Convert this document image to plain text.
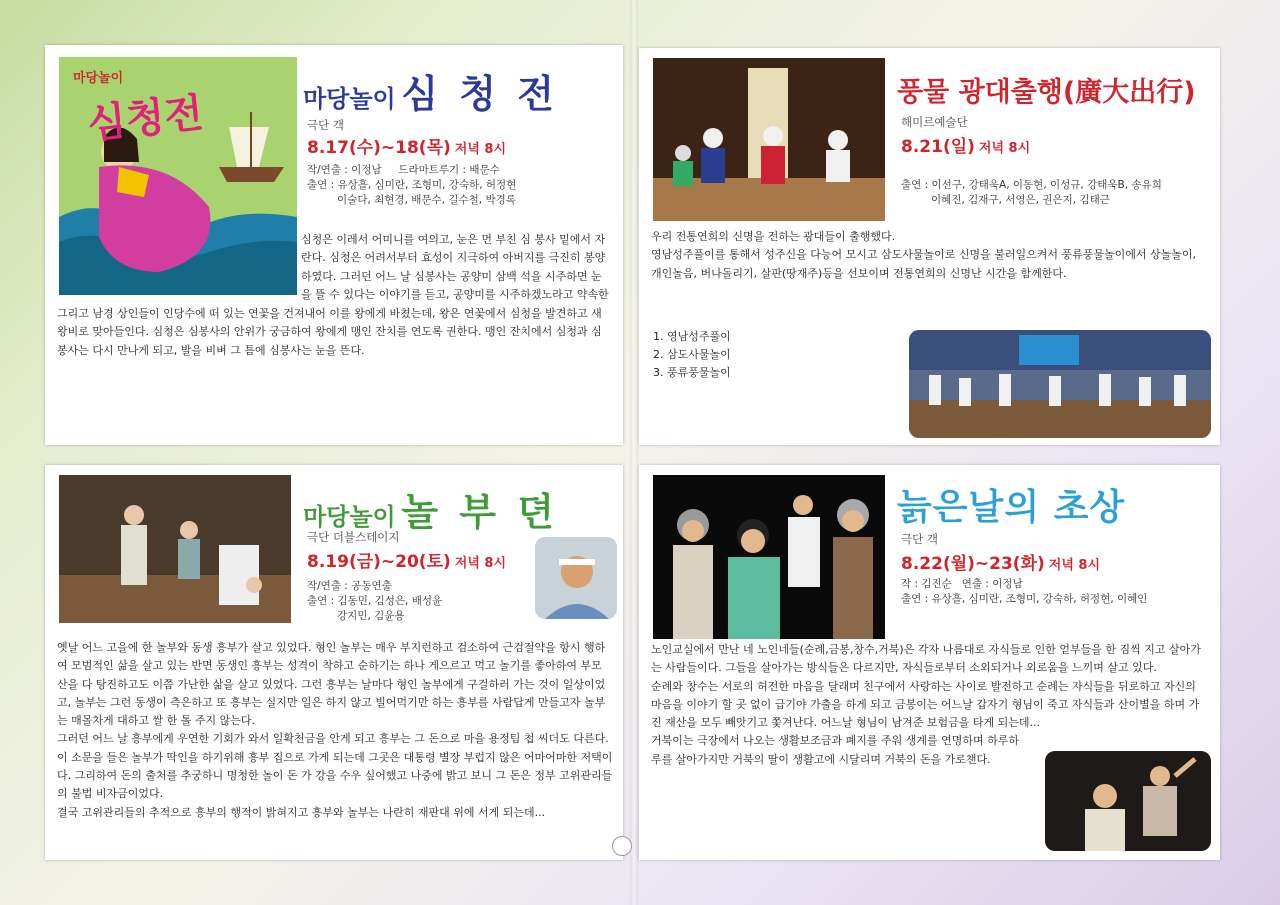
마당놀이
심청전	마당놀이 심 청 전
극단 객
8.17(수)~18(목) 저녁 8시
작/연출 : 이정남     드라마트루기 : 배문수
출연 : 유상흘, 심미란, 조형미, 강숙하, 허정현
이술다, 최현경, 배문수, 길수철, 박경록

심청은 이레서 어미니를 여의고, 눈은 먼 부친 심 봉사 밑에서 자란다. 심청은 어려서부터 효성이 지극하여 아버지를 극진히 봉양하였다. 그러던 어느 날 심봉사는 공양미 삼백 석을 시주하면 눈을 뜰 수 있다는 이야기를 듣고, 공양미를 시주하겠노라고 약속한

그리고 남경 상인들이 인당수에 떠 있는 연꽃을 건져내어 이를 왕에게 바쳤는데, 왕은 연꽃에서 심청을 발견하고 새 왕비로 맞아들인다. 심청은 심봉사의 안위가 궁금하여 왕에게 맹인 잔치를 연도록 권한다. 맹인 잔치에서 심청과 심봉사는 다시 만나게 되고, 발을 비벼 그 틈에 심봉사는 눈을 뜬다.

풍물 광대출행(廣大出行)
해미르예술단
8.21(일) 저녁 8시
출연 : 이선구, 강태욱A, 이동현, 이성규, 강태욱B, 송유희
이혜진, 김재구, 서영은, 권은지, 김태근

우리 전통연희의 신명을 전하는 광대들이 출행했다.

영남성주풀이를 통해서 성주신을 다능어 모시고 삼도사물놀이로 신명을 불러일으켜서 풍류풍물놀이에서 상놀놀이, 개인놀음, 버나돌리기, 살판(땅재주)등을 선보이며 전통연희의 신명난 시간을 함께한다.

1. 영남성주풀이
2. 삼도사물놀이
3. 풍류풍물놀이
마당놀이 놀 부 뎐
극단 더블스테이지
8.19(금)~20(토) 저녁 8시
작/연출 : 공동연출
출연 : 김동민, 김성은, 배성윤
강지민, 김윤용

옛날 어느 고을에 한 놀부와 동생 흥부가 살고 있었다. 형인 놀부는 매우 부지런하고 검소하여 근검절약을 항시 행하여 모범적인 삶을 살고 있는 반면 동생인 흥부는 성격이 착하고 순하기는 하나 게으르고 먹고 놀기를 좋아하여 부모 산을 다 탕진하고도 이쯤 가난한 삶을 살고 있었다. 그런 흥부는 날마다 형인 놀부에게 구걸하러 가는 것이 일상이었고, 놀부는 그런 동생이 측은하고 또 흥부는 실지만 일은 하지 않고 빌어먹기만 하는 흥부를 사람답게 만들고자 놀부는 매몰차게 대하고 쌀 한 톨 주지 않는다.

그러던 어느 날 흥부에게 우연한 기회가 와서 일확천금을 안게 되고 흥부는 그 돈으로 마을 용정팀 첩 씨더도 다른다. 이 소문을 들은 놀부가 딱인을 하기위해 흥부 집으로 가게 되는데 그곳은 대통령 별장 부럽지 않은 어마어마한 저택이다. 그리하여 돈의 출처를 추궁하니 명청한 놀이 돈 가 강을 수우 싶어했고 나중에 밝고 보니 그 돈은 정부 고위관리들의 불법 비자금이었다.

결국 고위관리들의 추적으로 흥부의 행적이 밝혀지고 흥부와 놀부는 나란히 재판대 위에 서게 되는데...

늙은날의 초상
극단 객
8.22(월)~23(화) 저녁 8시
작 : 김진순   연출 : 이정남
출연 : 유상흘, 심미란, 조형미, 강숙하, 허정현, 이혜인

노인교실에서 만난 네 노인네들(순례,금봉,창수,거북)은 각자 나름대로 자식들로 인한 얻부들을 한 짐씩 지고 살아가는 사람들이다. 그들을 살아가는 방식들은 다르지만, 자식들로부터 소외되거나 외로움을 느끼며 살고 있다.

순례와 창수는 서로의 허전한 마음을 달래며 친구에서 사랑하는 사이로 발전하고 순례는 자식들을 뒤로하고 자신의 마음을 이야기 할 곳 없이 급기야 가출을 하게 되고 금봉이는 어느날 갑자기 형님이 죽고 자식들과 산이별을 하며 가진 재산을 모두 빼앗기고 쫓겨난다. 어느날 형님이 남겨준 보험금을 타게 되는데...

거북이는 극장에서 나오는 생활보조금과 폐지를 주워 생계를 연명하며 하루하루를 살아가지만 거북의 딸이 생활고에 시달리며 거북의 돈을 가로챈다.
